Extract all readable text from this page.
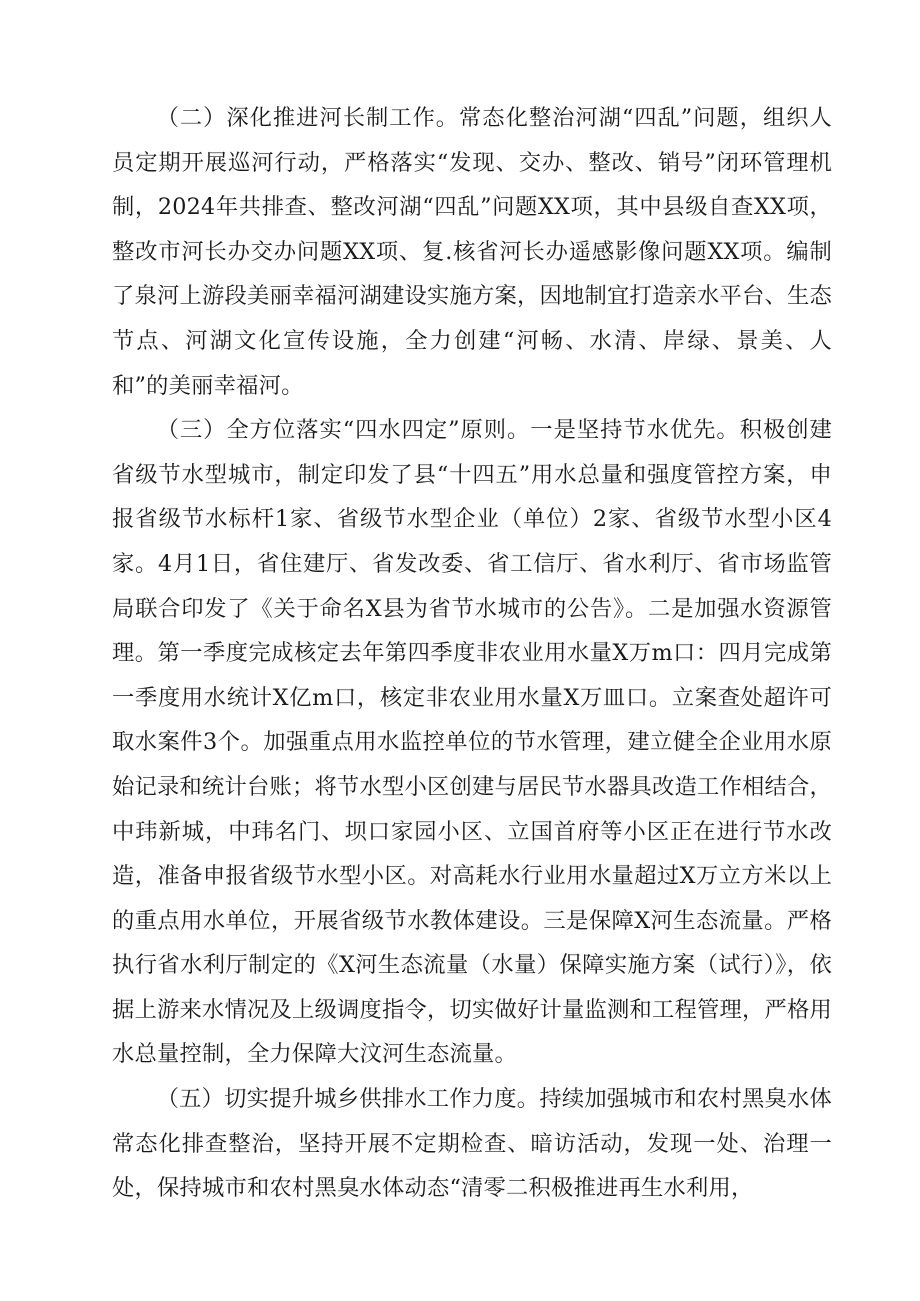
（二）深化推进河长制工作。常态化整治河湖“四乱”问题，组织人员定期开展巡河行动，严格落实“发现、交办、整改、销号”闭环管理机制，2024年共排查、整改河湖“四乱”问题XX项，其中县级自查XX项，整改市河长办交办问题XX项、复.核省河长办遥感影像问题XX项。编制了泉河上游段美丽幸福河湖建设实施方案，因地制宜打造亲水平台、生态节点、河湖文化宣传设施，全力创建“河畅、水清、岸绿、景美、人和”的美丽幸福河。

（三）全方位落实“四水四定”原则。一是坚持节水优先。积极创建省级节水型城市，制定印发了县“十四五”用水总量和强度管控方案，申报省级节水标杆1家、省级节水型企业（单位）2家、省级节水型小区4家。4月1日，省住建厅、省发改委、省工信厅、省水利厅、省市场监管局联合印发了《关于命名X县为省节水城市的公告》。二是加强水资源管理。第一季度完成核定去年第四季度非农业用水量X万m口：四月完成第一季度用水统计X亿m口，核定非农业用水量X万皿口。立案查处超许可取水案件3个。加强重点用水监控单位的节水管理，建立健全企业用水原始记录和统计台账；将节水型小区创建与居民节水器具改造工作相结合，中玮新城，中玮名门、坝口家园小区、立国首府等小区正在进行节水改造，准备申报省级节水型小区。对高耗水行业用水量超过X万立方米以上的重点用水单位，开展省级节水教体建设。三是保障X河生态流量。严格执行省水利厅制定的《X河生态流量（水量）保障实施方案（试行）》，依据上游来水情况及上级调度指令，切实做好计量监测和工程管理，严格用水总量控制，全力保障大汶河生态流量。

（五）切实提升城乡供排水工作力度。持续加强城市和农村黑臭水体常态化排查整治，坚持开展不定期检查、暗访活动，发现一处、治理一处，保持城市和农村黑臭水体动态“清零二积极推进再生水利用，
